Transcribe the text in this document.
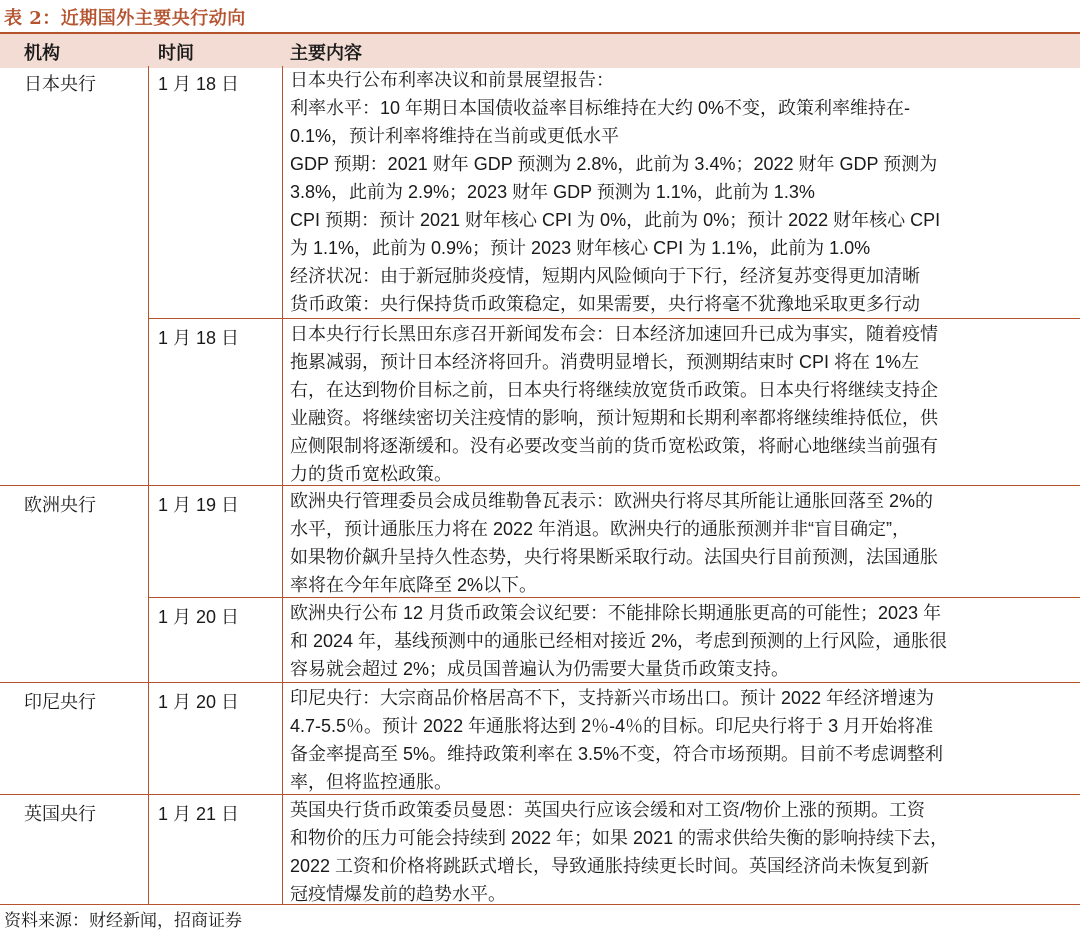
表 2：近期国外主要央行动向
机构	时间	主要内容
日本央行	1 月 18 日	日本央行公布利率决议和前景展望报告：

利率水平：10 年期日本国债收益率目标维持在大约 0%不变，政策利率维持在-

0.1%，预计利率将维持在当前或更低水平

GDP 预期：2021 财年 GDP 预测为 2.8%，此前为 3.4%；2022 财年 GDP 预测为

3.8%，此前为 2.9%；2023 财年 GDP 预测为 1.1%，此前为 1.3%

CPI 预期：预计 2021 财年核心 CPI 为 0%，此前为 0%；预计 2022 财年核心 CPI

为 1.1%，此前为 0.9%；预计 2023 财年核心 CPI 为 1.1%，此前为 1.0%

经济状况：由于新冠肺炎疫情，短期内风险倾向于下行，经济复苏变得更加清晰

货币政策：央行保持货币政策稳定，如果需要，央行将毫不犹豫地采取更多行动

1 月 18 日	日本央行行长黑田东彦召开新闻发布会：日本经济加速回升已成为事实，随着疫情

拖累减弱，预计日本经济将回升。消费明显增长，预测期结束时 CPI 将在 1%左

右，在达到物价目标之前，日本央行将继续放宽货币政策。日本央行将继续支持企

业融资。将继续密切关注疫情的影响，预计短期和长期利率都将继续维持低位，供

应侧限制将逐渐缓和。没有必要改变当前的货币宽松政策，将耐心地继续当前强有

力的货币宽松政策。

欧洲央行	1 月 19 日	欧洲央行管理委员会成员维勒鲁瓦表示：欧洲央行将尽其所能让通胀回落至 2%的

水平，预计通胀压力将在 2022 年消退。欧洲央行的通胀预测并非“盲目确定”，

如果物价飙升呈持久性态势，央行将果断采取行动。法国央行目前预测，法国通胀

率将在今年年底降至 2%以下。

1 月 20 日	欧洲央行公布 12 月货币政策会议纪要：不能排除长期通胀更高的可能性；2023 年

和 2024 年，基线预测中的通胀已经相对接近 2%，考虑到预测的上行风险，通胀很

容易就会超过 2%；成员国普遍认为仍需要大量货币政策支持。

印尼央行	1 月 20 日	印尼央行：大宗商品价格居高不下，支持新兴市场出口。预计 2022 年经济增速为

4.7-5.5％。预计 2022 年通胀将达到 2％-4％的目标。印尼央行将于 3 月开始将准

备金率提高至 5%。维持政策利率在 3.5%不变，符合市场预期。目前不考虑调整利

率，但将监控通胀。

英国央行	1 月 21 日	英国央行货币政策委员曼恩：英国央行应该会缓和对工资/物价上涨的预期。工资

和物价的压力可能会持续到 2022 年；如果 2021 的需求供给失衡的影响持续下去，

2022 工资和价格将跳跃式增长，导致通胀持续更长时间。英国经济尚未恢复到新

冠疫情爆发前的趋势水平。

资料来源：财经新闻，招商证券
